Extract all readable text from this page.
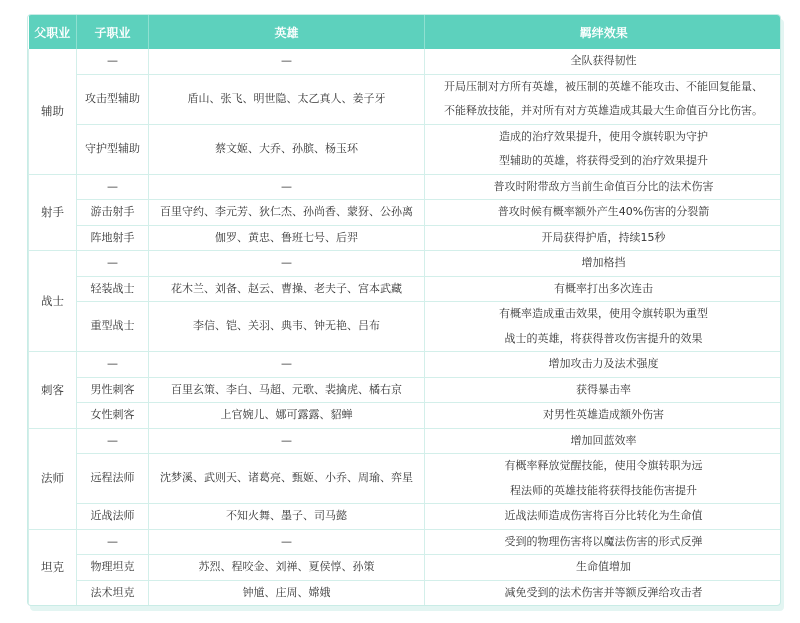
父职业	子职业	英雄	羁绊效果
辅助	—	—	全队获得韧性

	攻击型辅助	盾山、张飞、明世隐、太乙真人、姜子牙	开局压制对方所有英雄，被压制的英雄不能攻击、不能回复能量、
不能释放技能，并对所有对方英雄造成其最大生命值百分比伤害。

	守护型辅助	蔡文姬、大乔、孙膑、杨玉环	造成的治疗效果提升，使用令旗转职为守护
型辅助的英雄，将获得受到的治疗效果提升

射手	—	—	普攻时附带敌方当前生命值百分比的法术伤害

	游击射手	百里守约、李元芳、狄仁杰、孙尚香、蒙犽、公孙离	普攻时候有概率额外产生40%伤害的分裂箭

	阵地射手	伽罗、黄忠、鲁班七号、后羿	开局获得护盾，持续15秒

战士	—	—	增加格挡

	轻装战士	花木兰、刘备、赵云、曹操、老夫子、宫本武藏	有概率打出多次连击

	重型战士	李信、铠、关羽、典韦、钟无艳、吕布	有概率造成重击效果，使用令旗转职为重型
战士的英雄，将获得普攻伤害提升的效果

刺客	—	—	增加攻击力及法术强度

	男性刺客	百里玄策、李白、马超、元歌、裴擒虎、橘右京	获得暴击率

	女性刺客	上官婉儿、娜可露露、貂蝉	对男性英雄造成额外伤害

法师	—	—	增加回蓝效率

	远程法师	沈梦溪、武则天、诸葛亮、甄姬、小乔、周瑜、弈星	有概率释放觉醒技能，使用令旗转职为远
程法师的英雄技能将获得技能伤害提升

	近战法师	不知火舞、墨子、司马懿	近战法师造成伤害将百分比转化为生命值

坦克	—	—	受到的物理伤害将以魔法伤害的形式反弹

	物理坦克	苏烈、程咬金、刘禅、夏侯惇、孙策	生命值增加

	法术坦克	钟馗、庄周、嫦娥	减免受到的法术伤害并等额反弹给攻击者
